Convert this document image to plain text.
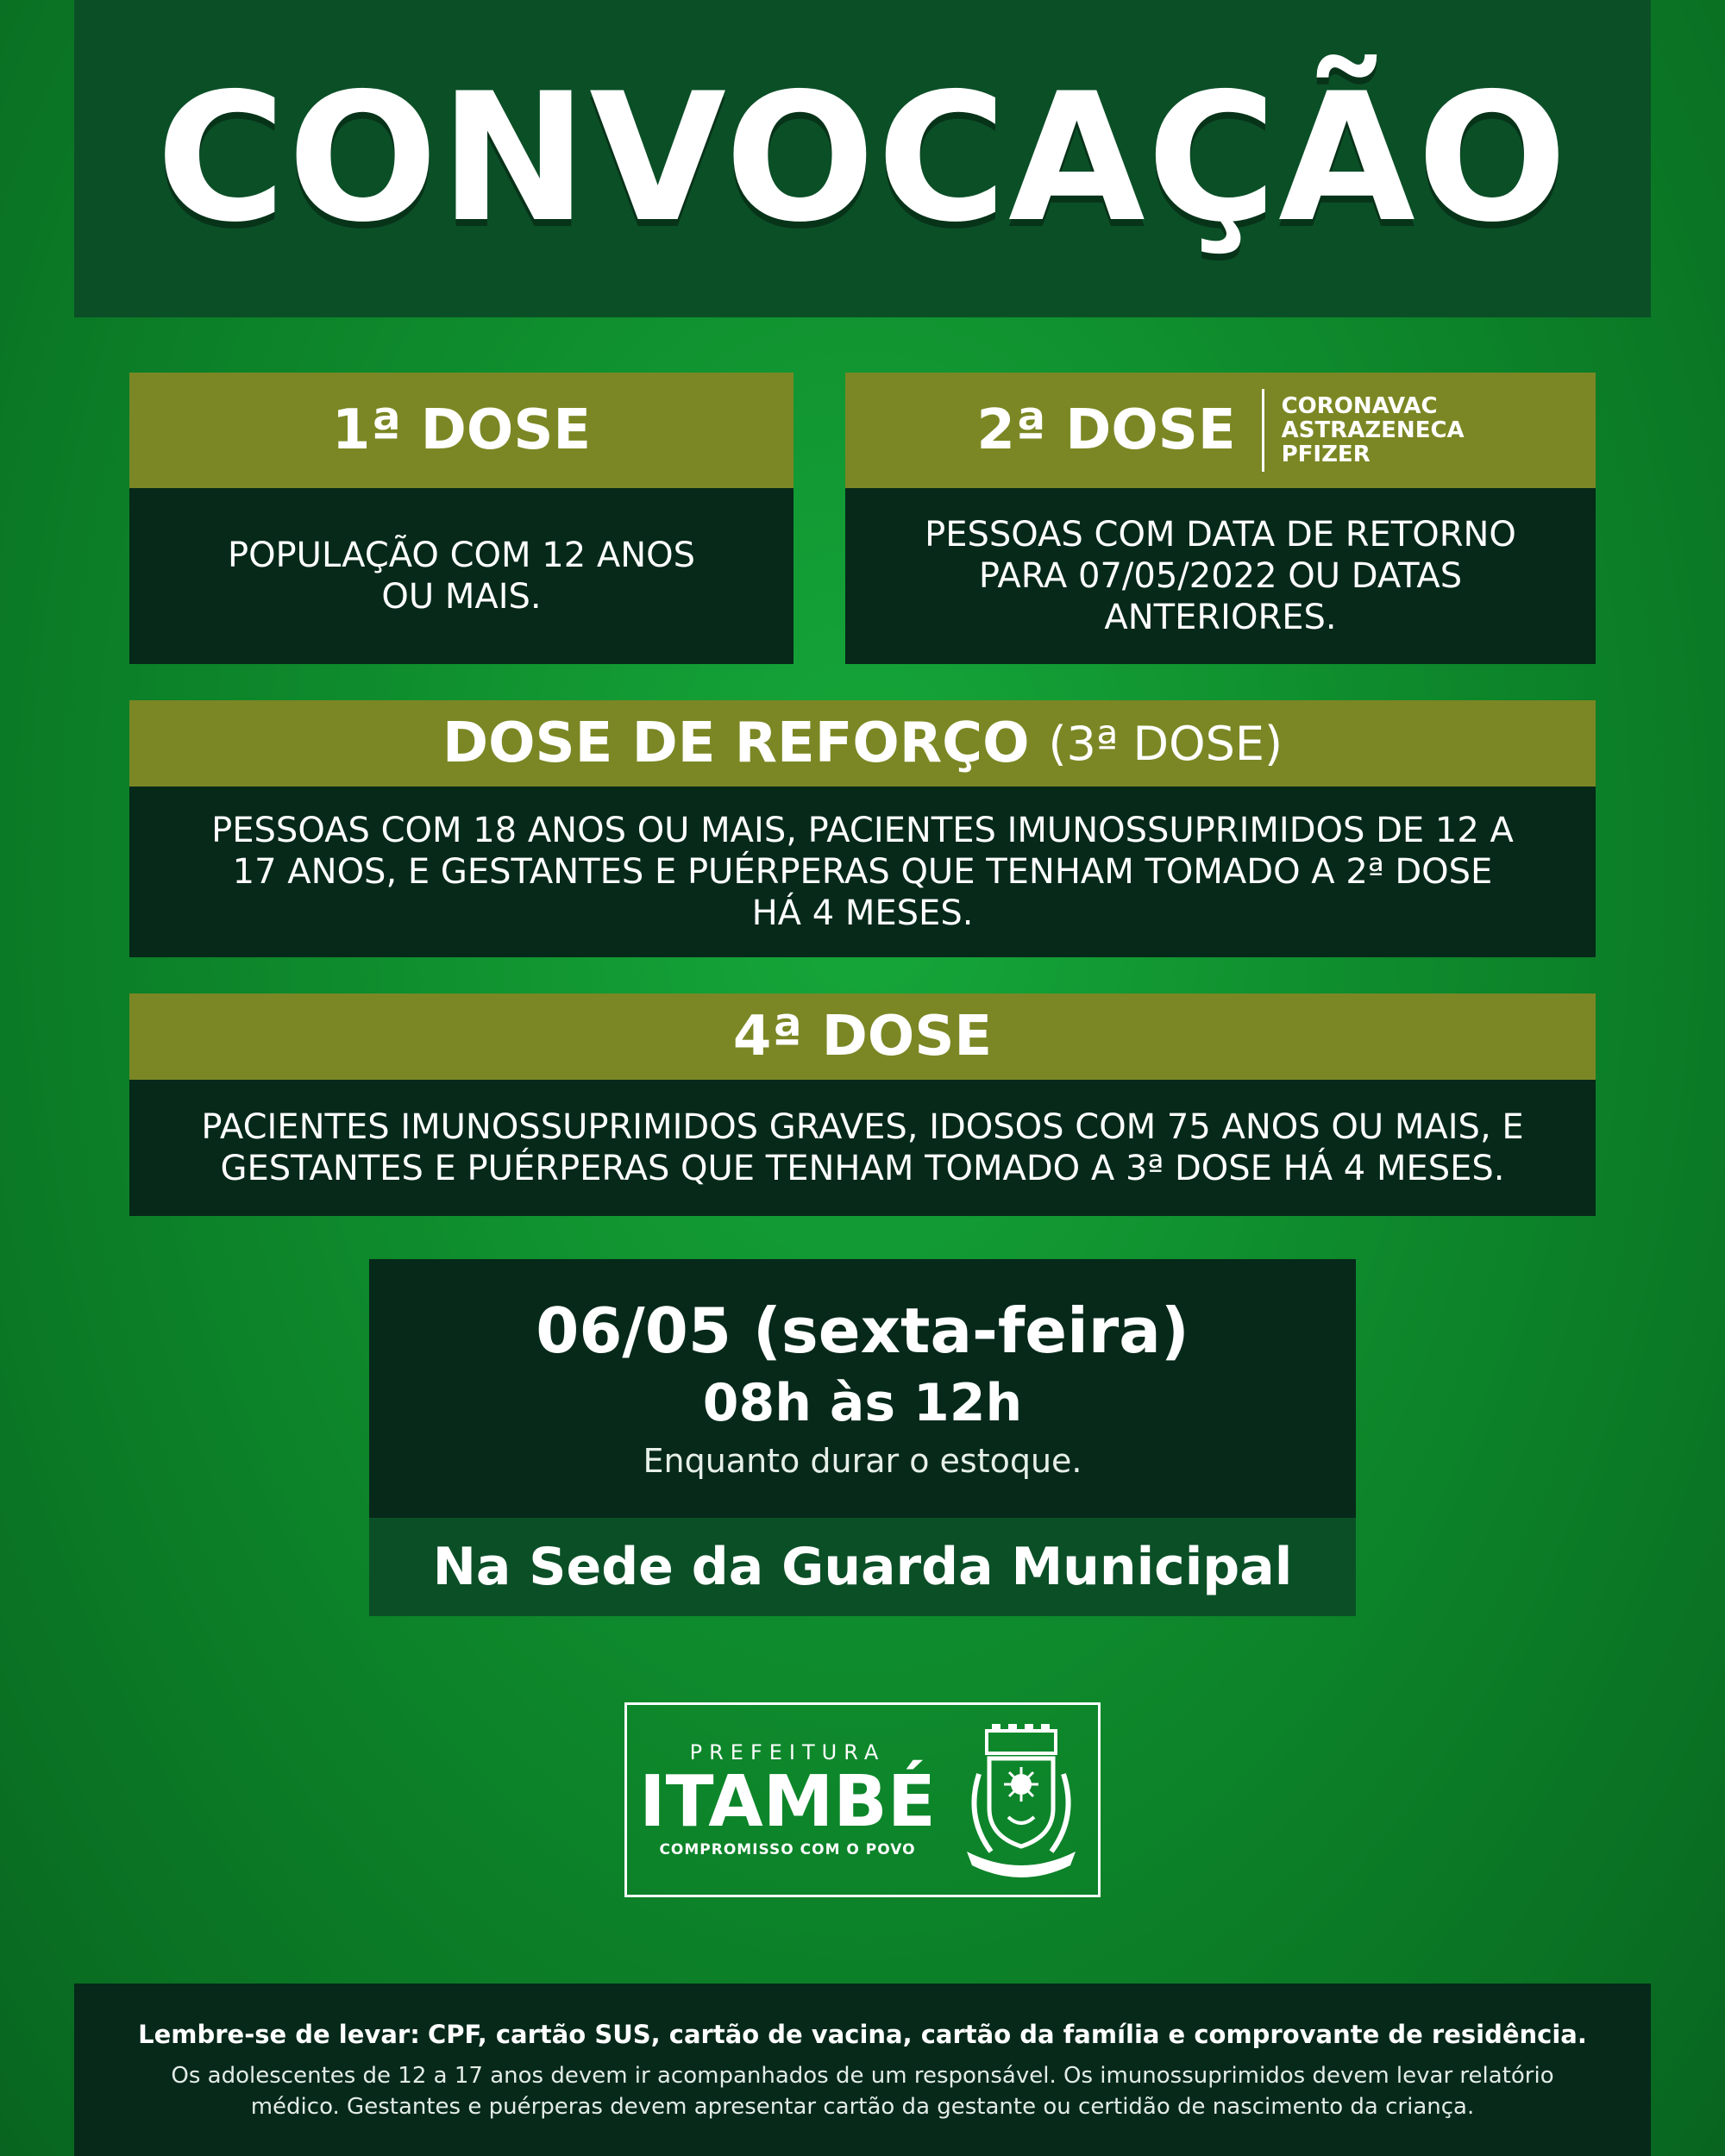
CONVOCAÇÃO
1ª DOSE
POPULAÇÃO COM 12 ANOS OU MAIS.
2ª DOSE CORONAVAC
ASTRAZENECA
PFIZER
PESSOAS COM DATA DE RETORNO PARA 07/05/2022 OU DATAS ANTERIORES.
DOSE DE REFORÇO (3ª DOSE)
PESSOAS COM 18 ANOS OU MAIS, PACIENTES IMUNOSSUPRIMIDOS DE 12 A 17 ANOS, E GESTANTES E PUÉRPERAS QUE TENHAM TOMADO A 2ª DOSE HÁ 4 MESES.
4ª DOSE
PACIENTES IMUNOSSUPRIMIDOS GRAVES, IDOSOS COM 75 ANOS OU MAIS, E GESTANTES E PUÉRPERAS QUE TENHAM TOMADO A 3ª DOSE HÁ 4 MESES.
06/05 (sexta-feira)
08h às 12h
Enquanto durar o estoque.
Na Sede da Guarda Municipal
PREFEITURA
ITAMBÉ
COMPROMISSO COM O POVO
Lembre-se de levar: CPF, cartão SUS, cartão de vacina, cartão da família e comprovante de residência.
Os adolescentes de 12 a 17 anos devem ir acompanhados de um responsável. Os imunossuprimidos devem levar relatório médico. Gestantes e puérperas devem apresentar cartão da gestante ou certidão de nascimento da criança.
